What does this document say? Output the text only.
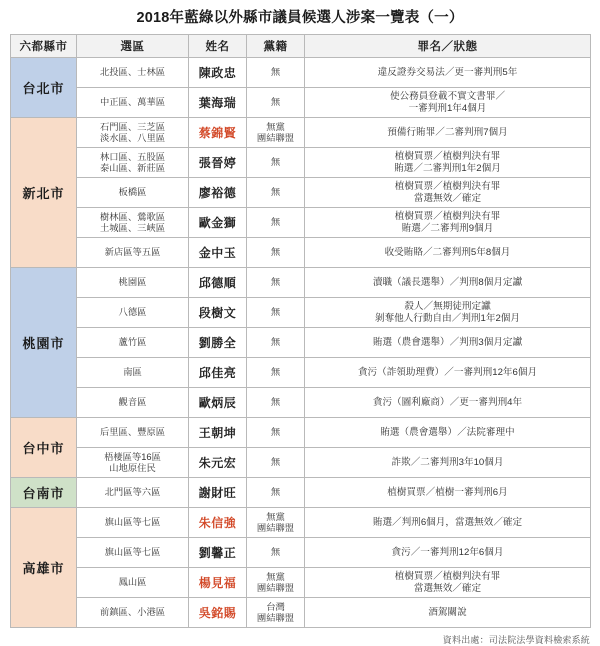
2018年藍綠以外縣市議員候選人涉案一覽表（一）
六都縣市	選區	姓名	黨籍	罪名／狀態
台北市	北投區、士林區	陳政忠	無	違反證券交易法／更一審判刑5年
	中正區、萬華區	葉海瑞	無	使公務員登載不實文書罪／
一審判刑1年4個月
新北市	石門區、三芝區
淡水區、八里區	蔡錦賢	無黨
團結聯盟	預備行賄罪／二審判刑7個月
	林口區、五股區
泰山區、新莊區	張晉婷	無	植樹買票／植樹判決有罪
賄選／二審判刑1年2個月
	板橋區	廖裕德	無	植樹買票／植樹判決有罪
當選無效／確定
	樹林區、鶯歌區
土城區、三峽區	歐金獅	無	植樹買票／植樹判決有罪
賄選／二審判刑9個月
	新店區等五區	金中玉	無	收受賄賂／二審判刑5年8個月
桃園市	桃園區	邱德順	無	瀆職（議長選舉）／判刑8個月定讞
	八德區	段樹文	無	殺人／無期徒刑定讞
剝奪他人行動自由／判刑1年2個月
	蘆竹區	劉勝全	無	賄選（農會選舉）／判刑3個月定讞
	南區	邱佳亮	無	貪污（詐領助理費）／一審判刑12年6個月
	觀音區	歐炳辰	無	貪污（圖利廠商）／更一審判刑4年
台中市	后里區、豐原區	王朝坤	無	賄選（農會選舉）／法院審理中
	梧棲區等16區
山地原住民	朱元宏	無	詐欺／二審判刑3年10個月
台南市	北門區等六區	謝財旺	無	植樹買票／植樹一審判刑6月
高雄市	旗山區等七區	朱信強	無黨
團結聯盟	賄選／判刑6個月，當選無效／確定
	旗山區等七區	劉馨正	無	貪污／一審判刑12年6個月
	鳳山區	楊見福	無黨
團結聯盟	植樹買票／植樹判決有罪
當選無效／確定
	前鎮區、小港區	吳銘賜	台灣
團結聯盟	酒駕關說
資料出處：司法院法學資料檢索系統
